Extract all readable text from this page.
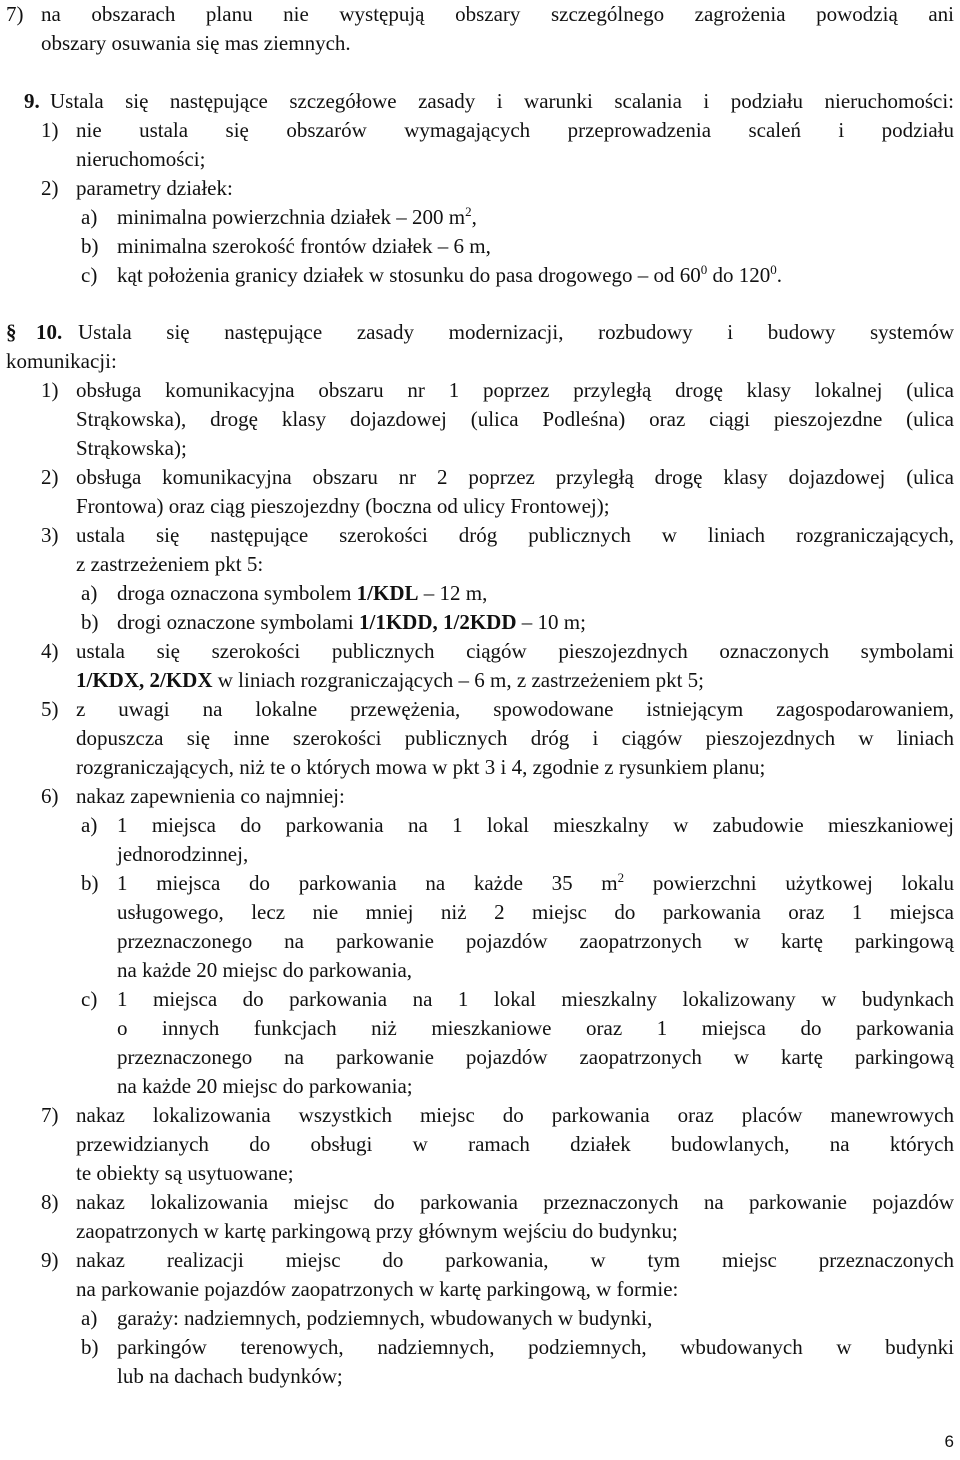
7) na obszarach planu nie występują obszary szczególnego zagrożenia powodzią ani
obszary osuwania się mas ziemnych.
9. Ustala się następujące szczegółowe zasady i warunki scalania i podziału nieruchomości:
1) nie ustala się obszarów wymagających przeprowadzenia scaleń i podziału
nieruchomości;
2) parametry działek:
a) minimalna powierzchnia działek – 200 $m^2$,
b) minimalna szerokość frontów działek – 6 m,
c) kąt położenia granicy działek w stosunku do pasa drogowego – od $60^0$ do $120^0$.
§ 10. Ustala się następujące zasady modernizacji, rozbudowy i budowy systemów
komunikacji:
1) obsługa komunikacyjna obszaru nr 1 poprzez przyległą drogę klasy lokalnej (ulica
Strąkowska), drogę klasy dojazdowej (ulica Podleśna) oraz ciągi pieszojezdne (ulica
Strąkowska);
2) obsługa komunikacyjna obszaru nr 2 poprzez przyległą drogę klasy dojazdowej (ulica
Frontowa) oraz ciąg pieszojezdny (boczna od ulicy Frontowej);
3) ustala się następujące szerokości dróg publicznych w liniach rozgraniczających,
z zastrzeżeniem pkt 5:
a) droga oznaczona symbolem 1/KDL – 12 m,
b) drogi oznaczone symbolami 1/1KDD, 1/2KDD – 10 m;
4) ustala się szerokości publicznych ciągów pieszojezdnych oznaczonych symbolami
1/KDX, 2/KDX w liniach rozgraniczających – 6 m, z zastrzeżeniem pkt 5;
5) z uwagi na lokalne przewężenia, spowodowane istniejącym zagospodarowaniem,
dopuszcza się inne szerokości publicznych dróg i ciągów pieszojezdnych w liniach
rozgraniczających, niż te o których mowa w pkt 3 i 4, zgodnie z rysunkiem planu;
6) nakaz zapewnienia co najmniej:
a) 1 miejsca do parkowania na 1 lokal mieszkalny w zabudowie mieszkaniowej
jednorodzinnej,
b) 1 miejsca do parkowania na każde 35 $m^2$ powierzchni użytkowej lokalu
usługowego, lecz nie mniej niż 2 miejsc do parkowania oraz 1 miejsca
przeznaczonego na parkowanie pojazdów zaopatrzonych w kartę parkingową
na każde 20 miejsc do parkowania,
c) 1 miejsca do parkowania na 1 lokal mieszkalny lokalizowany w budynkach
o innych funkcjach niż mieszkaniowe oraz 1 miejsca do parkowania
przeznaczonego na parkowanie pojazdów zaopatrzonych w kartę parkingową
na każde 20 miejsc do parkowania;
7) nakaz lokalizowania wszystkich miejsc do parkowania oraz placów manewrowych
przewidzianych do obsługi w ramach działek budowlanych, na których
te obiekty są usytuowane;
8) nakaz lokalizowania miejsc do parkowania przeznaczonych na parkowanie pojazdów
zaopatrzonych w kartę parkingową przy głównym wejściu do budynku;
9) nakaz realizacji miejsc do parkowania, w tym miejsc przeznaczonych
na parkowanie pojazdów zaopatrzonych w kartę parkingową, w formie:
a) garaży: nadziemnych, podziemnych, wbudowanych w budynki,
b) parkingów terenowych, nadziemnych, podziemnych, wbudowanych w budynki
lub na dachach budynków;
6
